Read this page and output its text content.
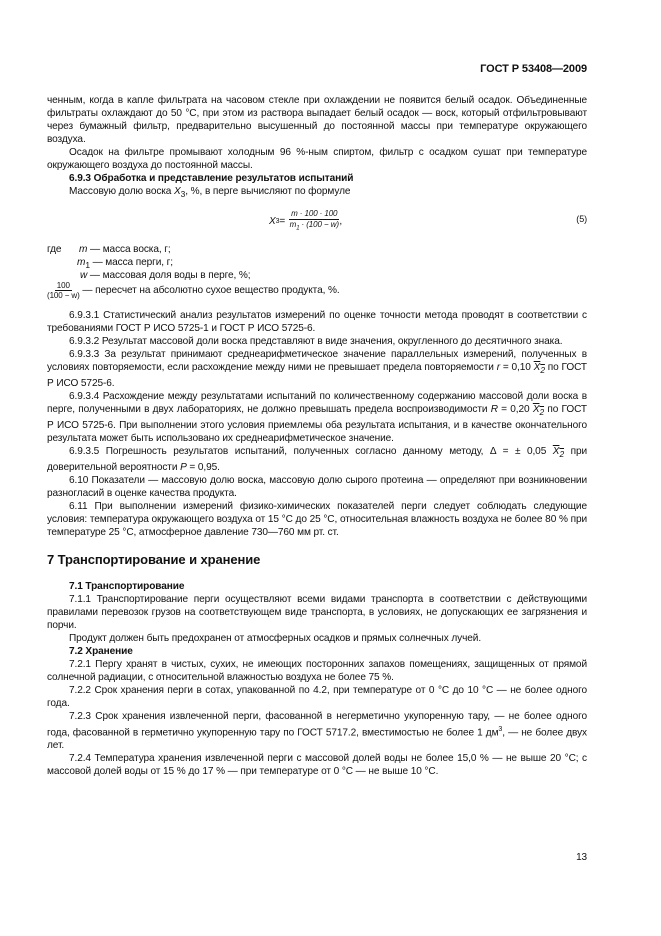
ГОСТ Р 53408—2009

ченным, когда в капле фильтрата на часовом стекле при охлаждении не появится белый осадок. Объединенные фильтраты охлаждают до 50 °С, при этом из раствора выпадает белый осадок — воск, который отфильтровывают через бумажный фильтр, предварительно высушенный до постоянной массы при температуре окружающего воздуха.

Осадок на фильтре промывают холодным 96 %-ным спиртом, фильтр с осадком сушат при температуре окружающего воздуха до постоянной массы.

6.9.3 Обработка и представление результатов испытаний

Массовую долю воска $X_3$, %, в перге вычисляют по формуле

X $3 = \frac{m \cdot 100 \cdot 100}{m_1 \cdot (100 - w)}$ ,	(5)
где m — масса воска, г;
$m_1$ — масса перги, г;
w — массовая доля воды в перге, %;
$\frac{100}{(100 - w)}$ — пересчет на абсолютно сухое вещество продукта, %.

6.9.3.1 Статистический анализ результатов измерений по оценке точности метода проводят в соответствии с требованиями ГОСТ Р ИСО 5725-1 и ГОСТ Р ИСО 5725-6.

6.9.3.2 Результат массовой доли воска представляют в виде значения, округленного до десятичного знака.

6.9.3.3 За результат принимают среднеарифметическое значение параллельных измерений, полученных в условиях повторяемости, если расхождение между ними не превышает предела повторяемости r = 0,10 $X_2$ по ГОСТ Р ИСО 5725-6.

6.9.3.4 Расхождение между результатами испытаний по количественному содержанию массовой доли воска в перге, полученными в двух лабораториях, не должно превышать предела воспроизводимости R = 0,20 $X_2$ по ГОСТ Р ИСО 5725-6. При выполнении этого условия приемлемы оба результата испытания, и в качестве окончательного результата может быть использовано их среднеарифметическое значение.

6.9.3.5 Погрешность результатов испытаний, полученных согласно данному методу, Δ = ± 0,05 $X_2$ при доверительной вероятности P = 0,95.

6.10 Показатели — массовую долю воска, массовую долю сырого протеина — определяют при возникновении разногласий в оценке качества продукта.

6.11 При выполнении измерений физико-химических показателей перги следует соблюдать следующие условия: температура окружающего воздуха от 15 °С до 25 °С, относительная влажность воздуха не более 80 % при температуре 25 °С, атмосферное давление 730—760 мм рт. ст.

7 Транспортирование и хранение

7.1 Транспортирование

7.1.1 Транспортирование перги осуществляют всеми видами транспорта в соответствии с действующими правилами перевозок грузов на соответствующем виде транспорта, в условиях, не допускающих ее загрязнения и порчи.

Продукт должен быть предохранен от атмосферных осадков и прямых солнечных лучей.

7.2 Хранение

7.2.1 Пергу хранят в чистых, сухих, не имеющих посторонних запахов помещениях, защищенных от прямой солнечной радиации, с относительной влажностью воздуха не более 75 %.

7.2.2 Срок хранения перги в сотах, упакованной по 4.2, при температуре от 0 °С до 10 °С — не более одного года.

7.2.3 Срок хранения извлеченной перги, фасованной в негерметично укупоренную тару, — не более одного года, фасованной в герметично укупоренную тару по ГОСТ 5717.2, вместимостью не более 1 $дм^3$, — не более двух лет.

7.2.4 Температура хранения извлеченной перги с массовой долей воды не более 15,0 % — не выше 20 °С; с массовой долей воды от 15 % до 17 % — при температуре от 0 °С — не выше 10 °С.

13
